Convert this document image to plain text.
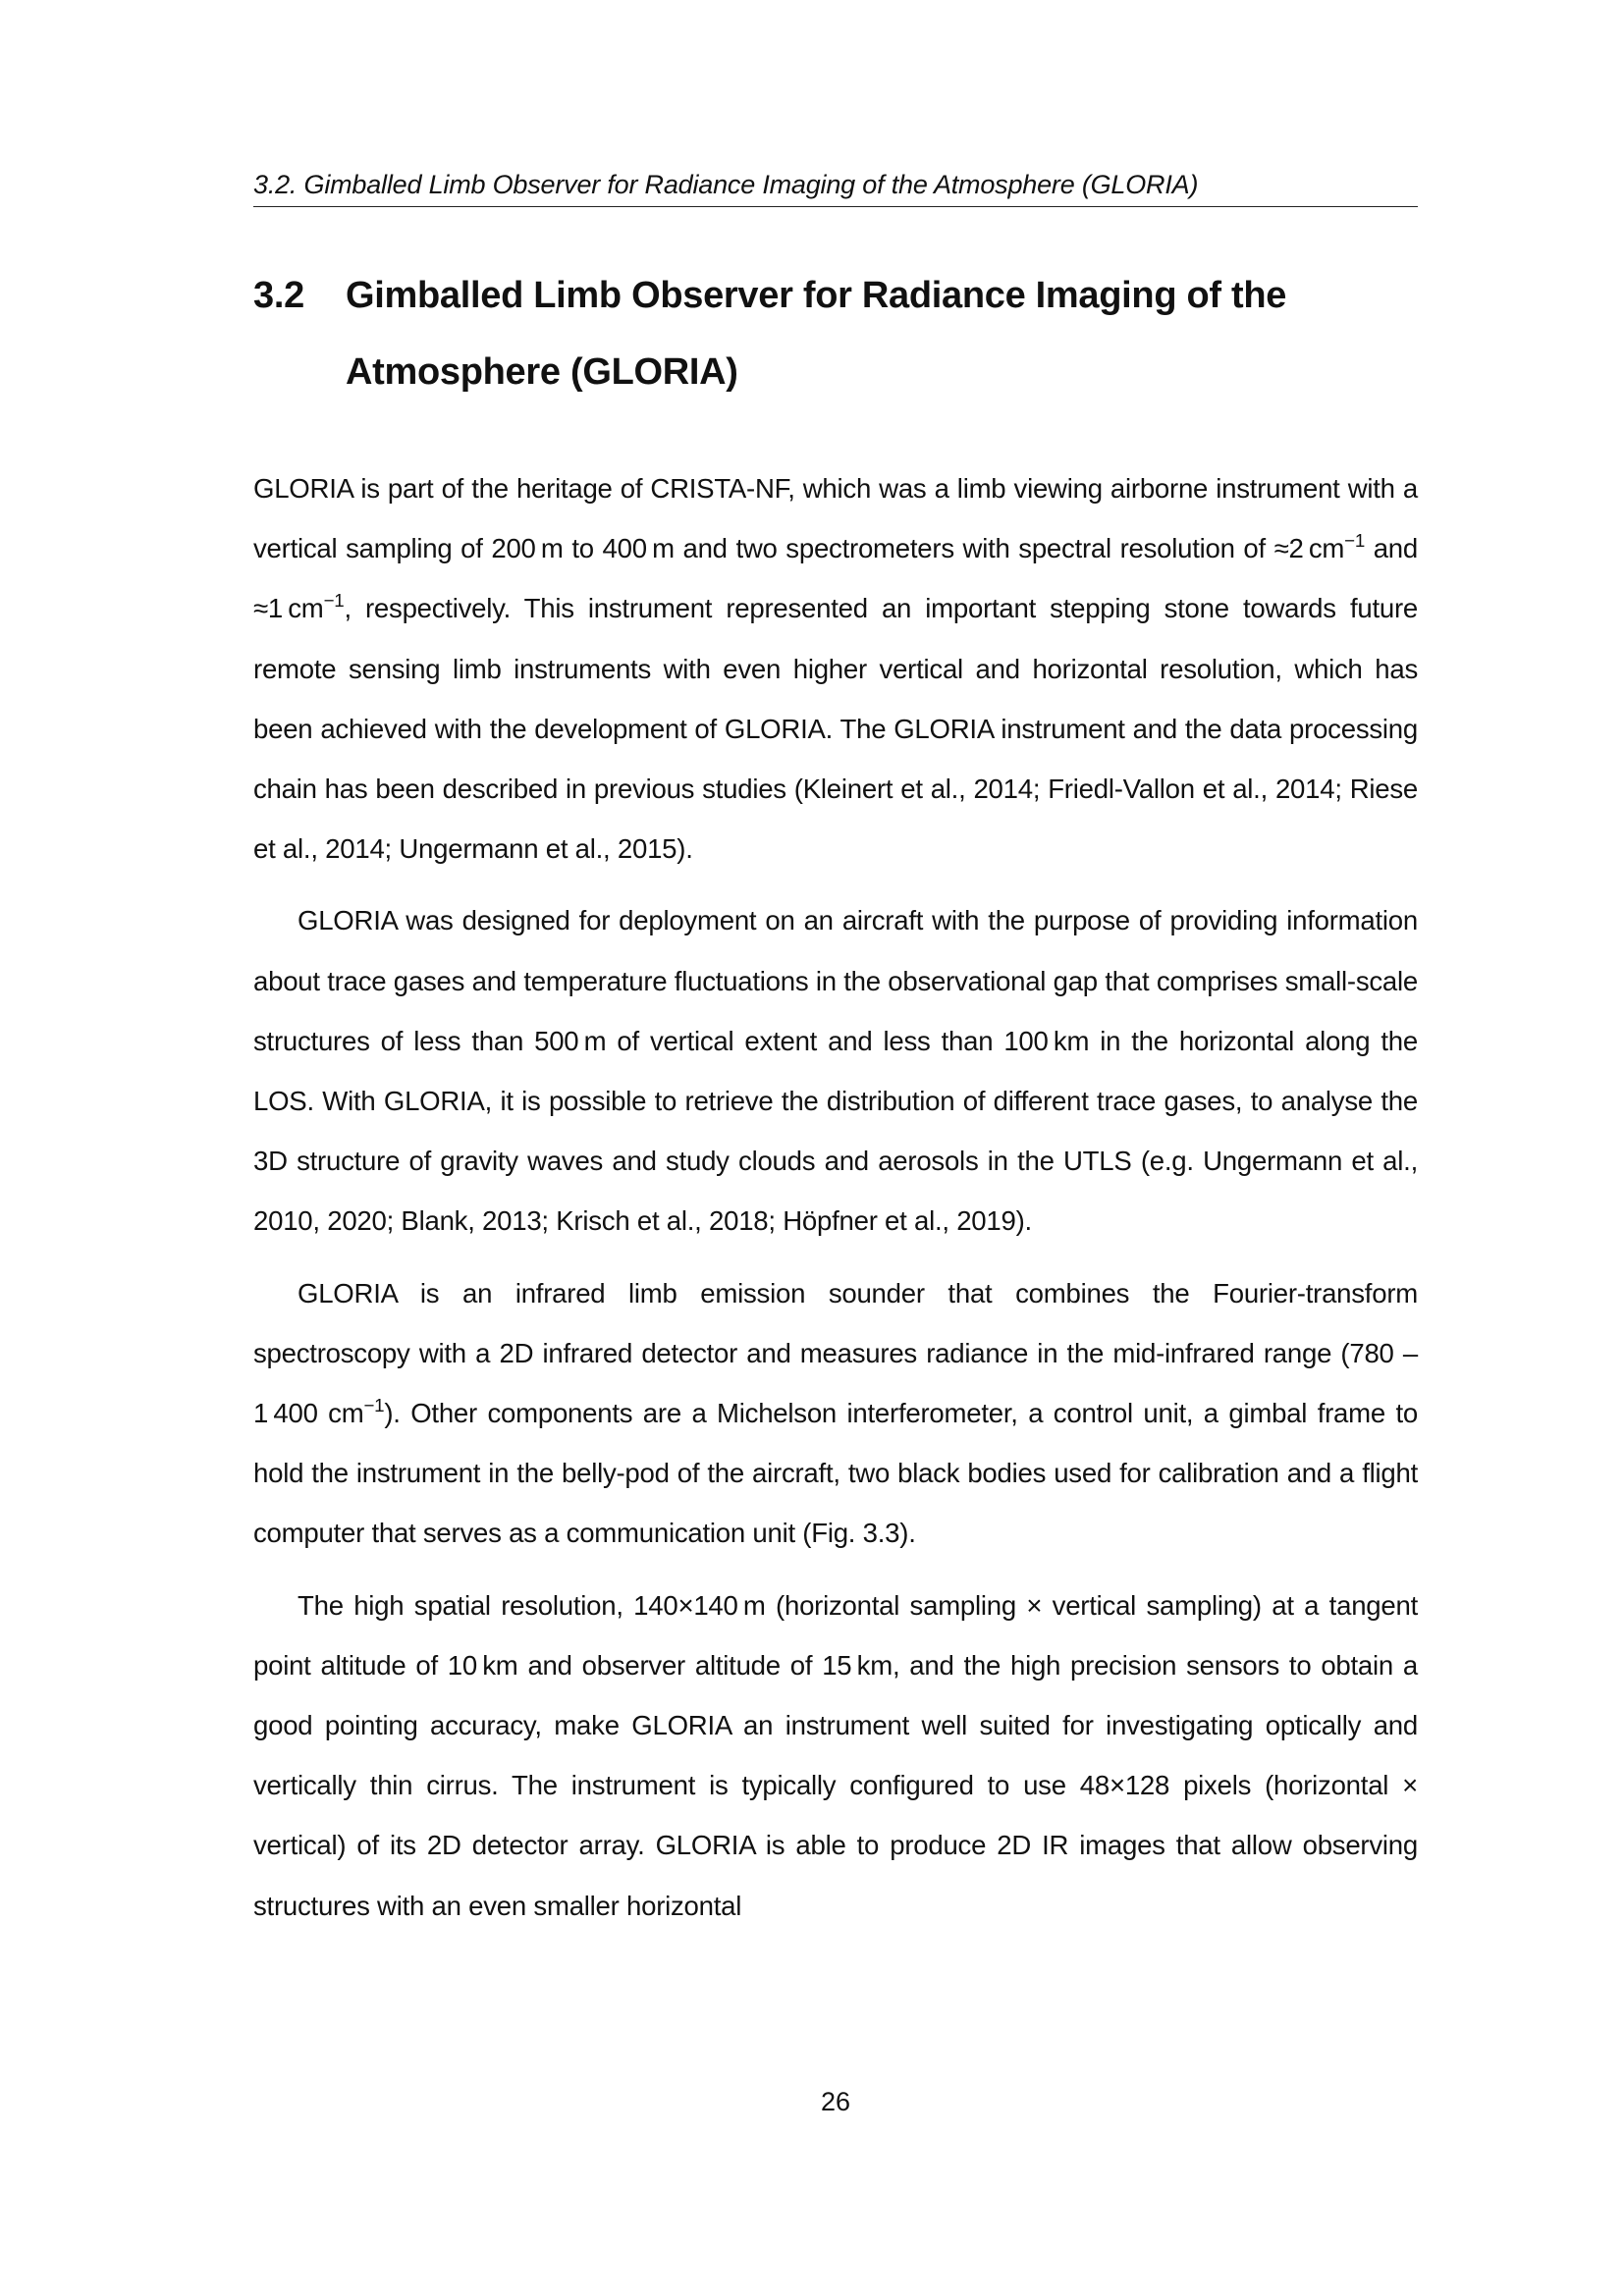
3.2. Gimballed Limb Observer for Radiance Imaging of the Atmosphere (GLORIA)
3.2 Gimballed Limb Observer for Radiance Imaging of the Atmosphere (GLORIA)

GLORIA is part of the heritage of CRISTA-NF, which was a limb viewing airborne instrument with a vertical sampling of 200 m to 400 m and two spectrometers with spectral resolution of ≈2 $cm^{-1}$ and ≈1 $cm^{-1}$, respectively. This instrument represented an important stepping stone towards future remote sensing limb instruments with even higher vertical and horizontal resolution, which has been achieved with the development of GLORIA. The GLORIA instrument and the data processing chain has been described in previous studies (Kleinert et al., 2014; Friedl-Vallon et al., 2014; Riese et al., 2014; Ungermann et al., 2015).

GLORIA was designed for deployment on an aircraft with the purpose of providing information about trace gases and temperature fluctuations in the observational gap that comprises small-scale structures of less than 500 m of vertical extent and less than 100 km in the horizontal along the LOS. With GLORIA, it is possible to retrieve the distribution of different trace gases, to analyse the 3D structure of gravity waves and study clouds and aerosols in the UTLS (e.g. Ungermann et al., 2010, 2020; Blank, 2013; Krisch et al., 2018; Höpfner et al., 2019).

GLORIA is an infrared limb emission sounder that combines the Fourier-transform spectroscopy with a 2D infrared detector and measures radiance in the mid-infrared range (780 – 1 400 $cm^{-1}$). Other components are a Michelson interferometer, a control unit, a gimbal frame to hold the instrument in the belly-pod of the aircraft, two black bodies used for calibration and a flight computer that serves as a communication unit (Fig. 3.3).

The high spatial resolution, 140×140 m (horizontal sampling × vertical sampling) at a tangent point altitude of 10 km and observer altitude of 15 km, and the high precision sensors to obtain a good pointing accuracy, make GLORIA an instrument well suited for investigating optically and vertically thin cirrus. The instrument is typically configured to use 48×128 pixels (horizontal × vertical) of its 2D detector array. GLORIA is able to produce 2D IR images that allow observing structures with an even smaller horizontal

26
